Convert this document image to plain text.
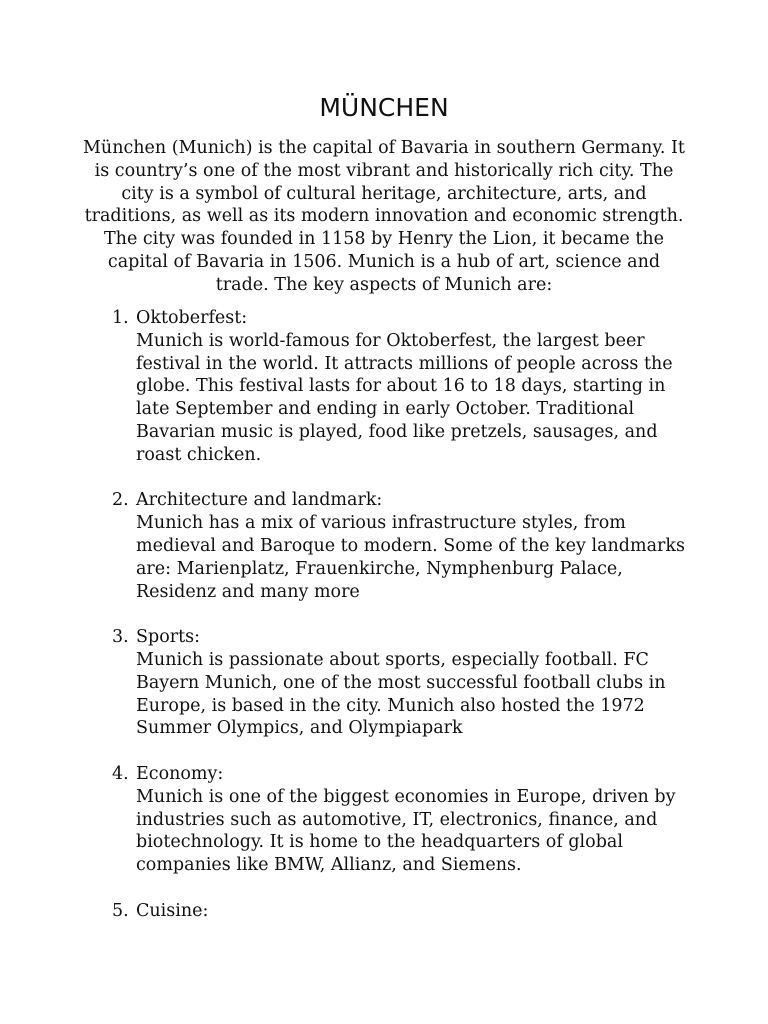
MÜNCHEN

München (Munich) is the capital of Bavaria in southern Germany. It is country’s one of the most vibrant and historically rich city. The city is a symbol of cultural heritage, architecture, arts, and traditions, as well as its modern innovation and economic strength. The city was founded in 1158 by Henry the Lion, it became the capital of Bavaria in 1506. Munich is a hub of art, science and trade. The key aspects of Munich are:

1. Oktoberfest:
Munich is world-famous for Oktoberfest, the largest beer festival in the world. It attracts millions of people across the globe. This festival lasts for about 16 to 18 days, starting in late September and ending in early October. Traditional Bavarian music is played, food like pretzels, sausages, and roast chicken.
2. Architecture and landmark:
Munich has a mix of various infrastructure styles, from medieval and Baroque to modern. Some of the key landmarks are: Marienplatz, Frauenkirche, Nymphenburg Palace, Residenz and many more
3. Sports:
Munich is passionate about sports, especially football. FC Bayern Munich, one of the most successful football clubs in Europe, is based in the city. Munich also hosted the 1972 Summer Olympics, and Olympiapark
4. Economy:
Munich is one of the biggest economies in Europe, driven by industries such as automotive, IT, electronics, finance, and biotechnology. It is home to the headquarters of global companies like BMW, Allianz, and Siemens.
5. Cuisine:
